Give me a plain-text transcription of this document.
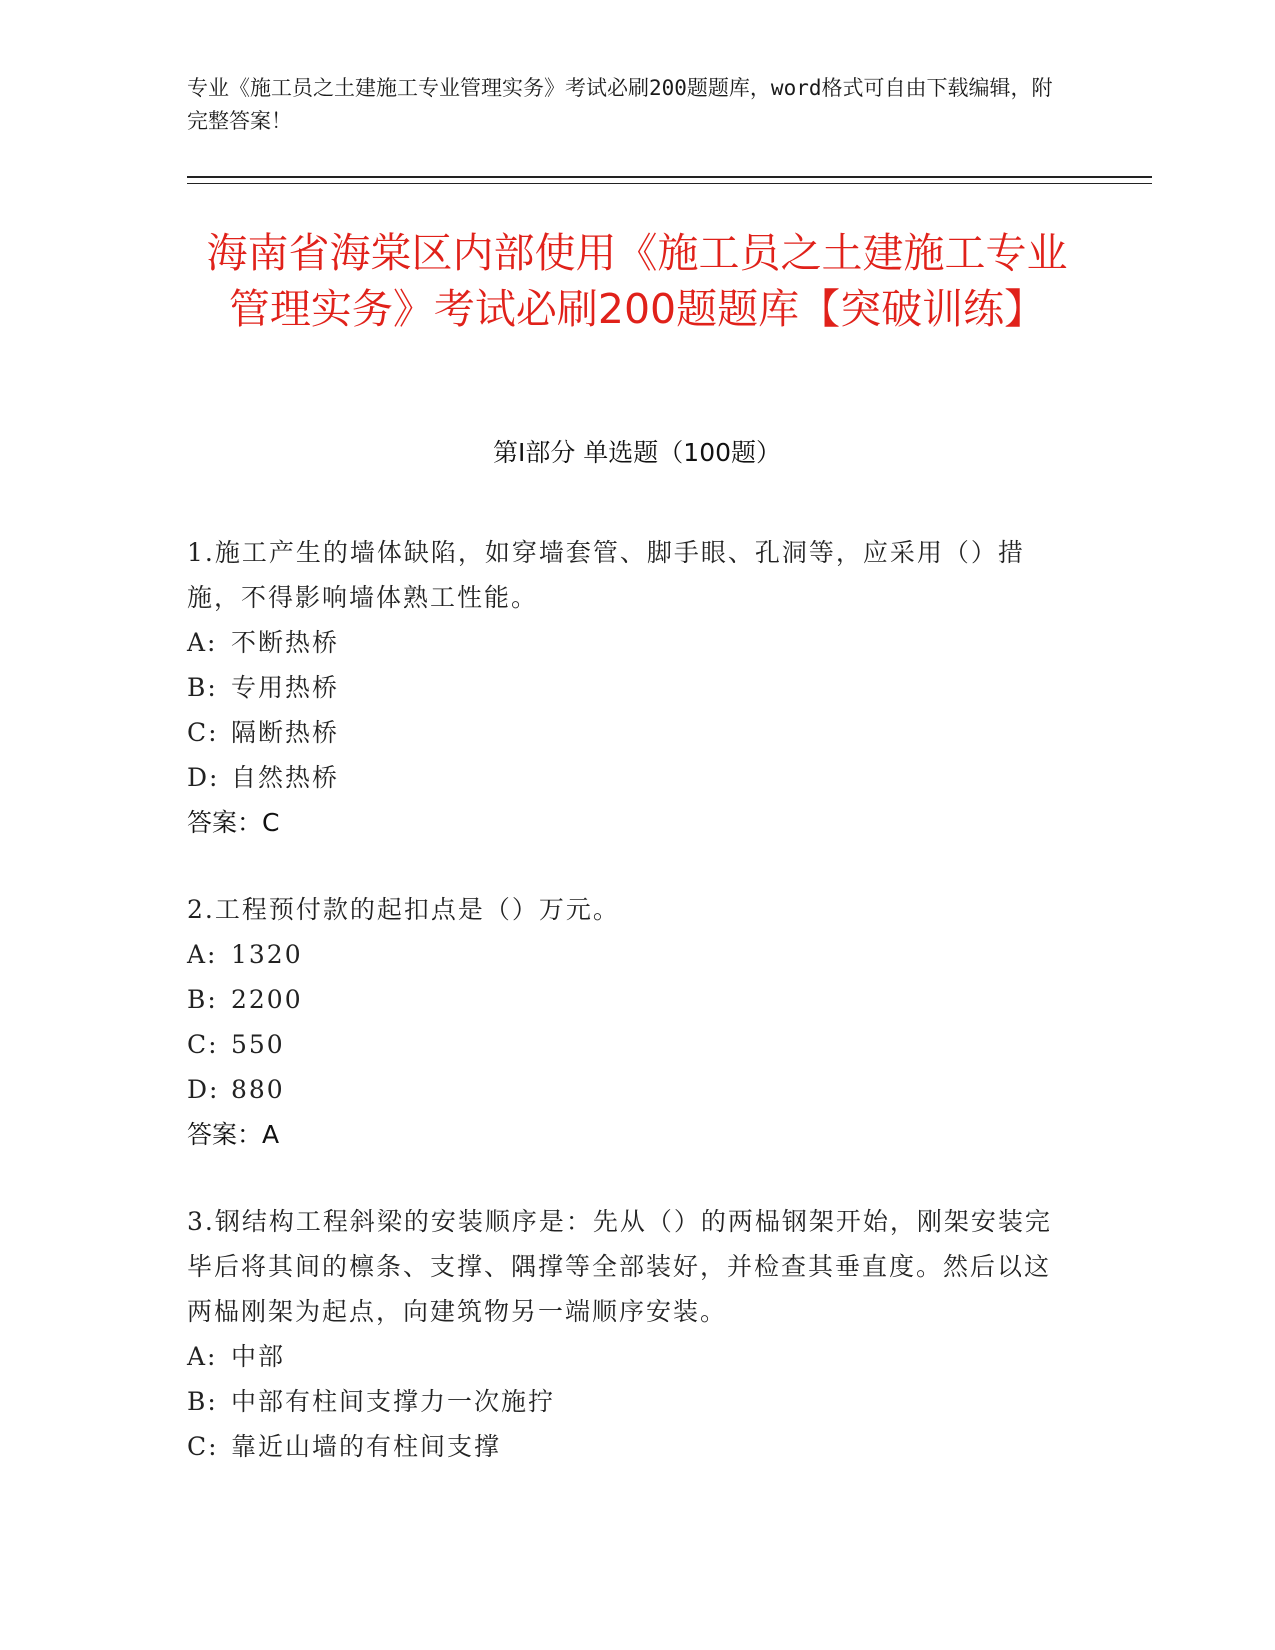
专业《施工员之土建施工专业管理实务》考试必刷200题题库，word格式可自由下载编辑，附完整答案！

海南省海棠区内部使用《施工员之土建施工专业管理实务》考试必刷200题题库【突破训练】
第Ⅰ部分 单选题（100题）

1.施工产生的墙体缺陷，如穿墙套管、脚手眼、孔洞等，应采用（）措施，不得影响墙体熟工性能。

A: 不断热桥

B: 专用热桥

C: 隔断热桥

D: 自然热桥

答案：C

2.工程预付款的起扣点是（）万元。

A: 1320

B: 2200

C: 550

D: 880

答案：A

3.钢结构工程斜梁的安装顺序是：先从（）的两榀钢架开始，刚架安装完毕后将其间的檩条、支撑、隅撑等全部装好，并检查其垂直度。然后以这两榀刚架为起点，向建筑物另一端顺序安装。

A: 中部

B: 中部有柱间支撑力一次施拧

C: 靠近山墙的有柱间支撑
